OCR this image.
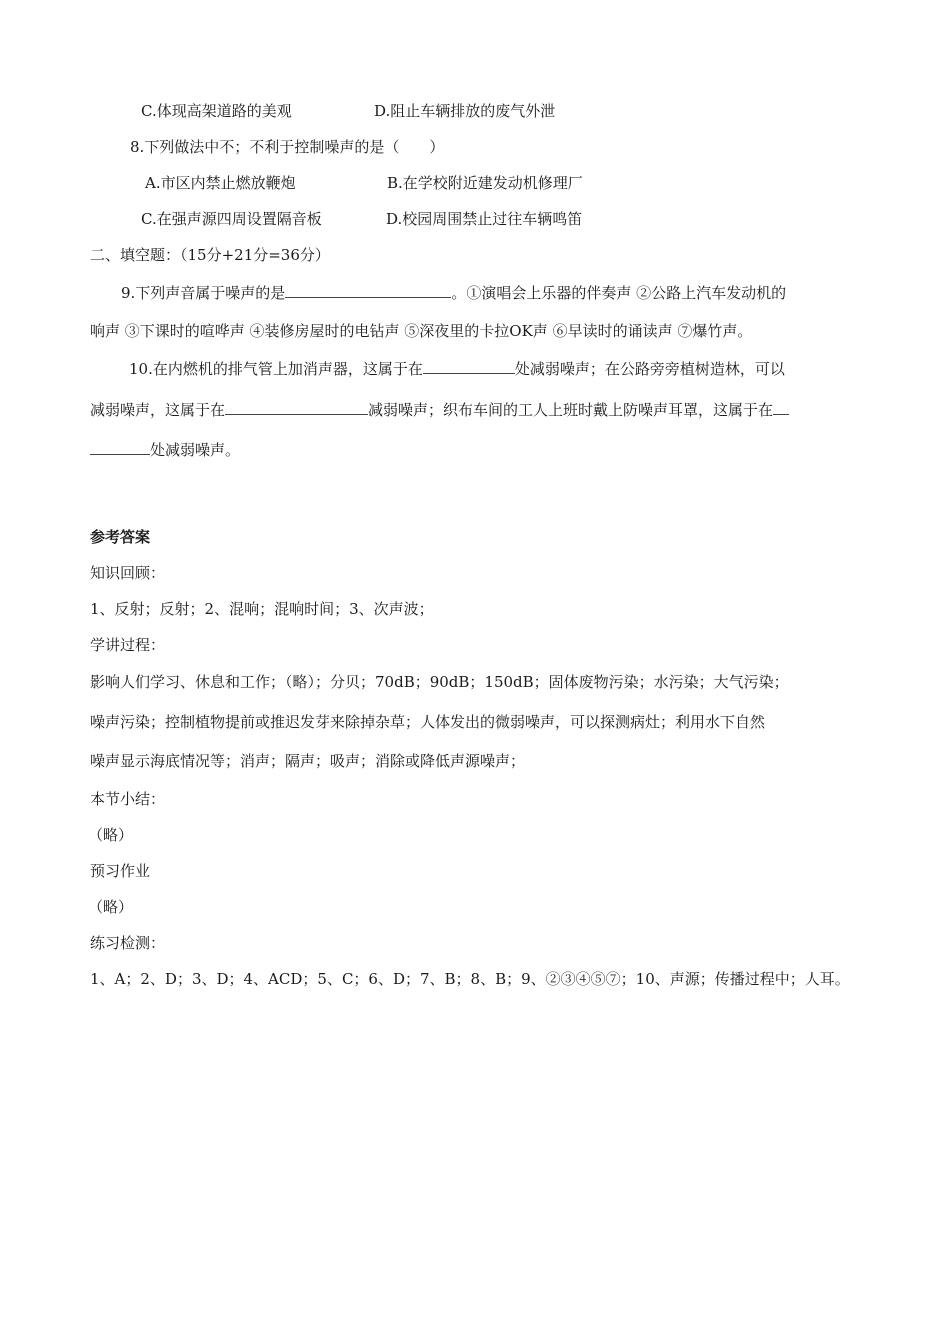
C.体现高架道路的美观	D.阻止车辆排放的废气外泄
8.下列做法中不；不利于控制噪声的是（　　）
A.市区内禁止燃放鞭炮	B.在学校附近建发动机修理厂
C.在强声源四周设置隔音板	D.校园周围禁止过往车辆鸣笛
二、填空题：（15分+21分=36分）
9.下列声音属于噪声的是	。①演唱会上乐器的伴奏声 ②公路上汽车发动机的
响声 ③下课时的喧哗声 ④装修房屋时的电钻声 ⑤深夜里的卡拉OK声 ⑥早读时的诵读声 ⑦爆竹声。
10.在内燃机的排气管上加消声器，这属于在	处减弱噪声；在公路旁旁植树造林，可以
减弱噪声，这属于在	减弱噪声；织布车间的工人上班时戴上防噪声耳罩，这属于在
处减弱噪声。
参考答案
知识回顾：
1、反射；反射；2、混响；混响时间；3、次声波；
学讲过程：
影响人们学习、休息和工作；（略）；分贝；70dB；90dB；150dB；固体废物污染；水污染；大气污染；
噪声污染；控制植物提前或推迟发芽来除掉杂草；人体发出的微弱噪声，可以探测病灶；利用水下自然
噪声显示海底情况等；消声；隔声；吸声；消除或降低声源噪声；
本节小结：
（略）
预习作业
（略）
练习检测：
1、A；2、D；3、D；4、ACD；5、C；6、D；7、B；8、B；9、②③④⑤⑦；10、声源；传播过程中；人耳。
